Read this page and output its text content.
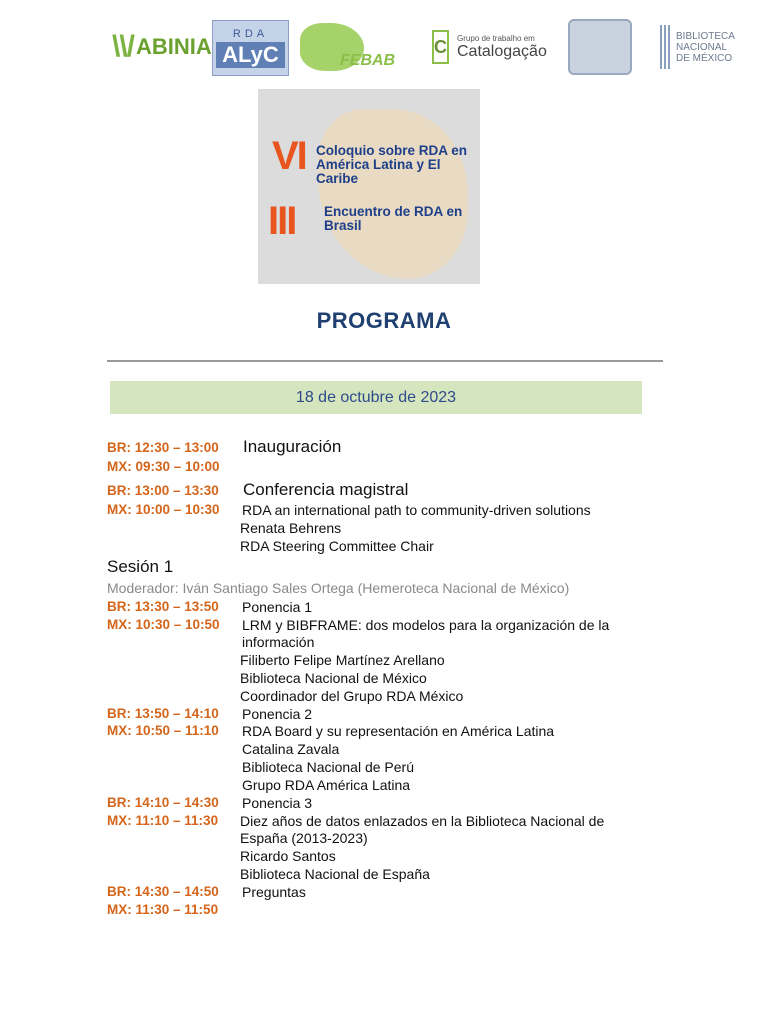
\\/ ABINIA RDA
ALyC	FEBAB
C Grupo de trabalho em
Catalogação
BIBLIOTECA
NACIONAL
DE MÉXICO
VI Coloquio sobre RDA en América Latina y El Caribe
III Encuentro de RDA en Brasil
PROGRAMA
18 de octubre de 2023
BR: 12:30 – 13:00 Inauguración
MX: 09:30 – 10:00
BR: 13:00 – 13:30 Conferencia magistral
MX: 10:00 – 10:30 RDA an international path to community-driven solutions
Renata Behrens
RDA Steering Committee Chair
Sesión 1
Moderador: Iván Santiago Sales Ortega (Hemeroteca Nacional de México)
BR: 13:30 – 13:50 Ponencia 1
MX: 10:30 – 10:50 LRM y BIBFRAME: dos modelos para la organización de la
información
Filiberto Felipe Martínez Arellano
Biblioteca Nacional de México
Coordinador del Grupo RDA México
BR: 13:50 – 14:10 Ponencia 2
MX: 10:50 – 11:10 RDA Board y su representación en América Latina
Catalina Zavala
Biblioteca Nacional de Perú
Grupo RDA América Latina
BR: 14:10 – 14:30 Ponencia 3
MX: 11:10 – 11:30 Diez años de datos enlazados en la Biblioteca Nacional de
España (2013-2023)
Ricardo Santos
Biblioteca Nacional de España
BR: 14:30 – 14:50 Preguntas
MX: 11:30 – 11:50
